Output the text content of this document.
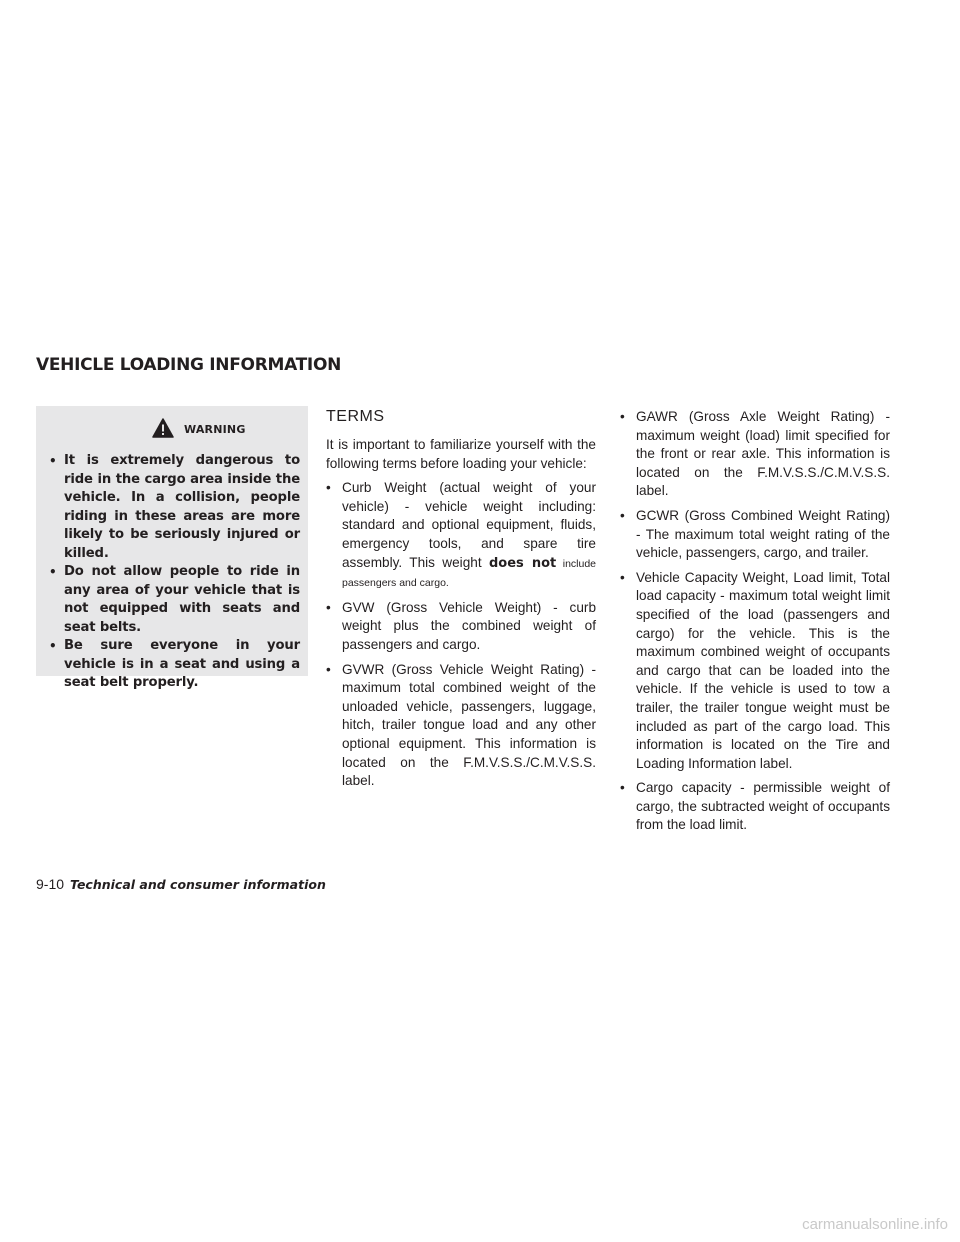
VEHICLE LOADING INFORMATION
WARNING
• It is extremely dangerous to ride in the cargo area inside the vehicle. In a collision, people riding in these areas are more likely to be seriously injured or killed.
• Do not allow people to ride in any area of your vehicle that is not equipped with seats and seat belts.
• Be sure everyone in your vehicle is in a seat and using a seat belt properly.
TERMS

It is important to familiarize yourself with the following terms before loading your vehicle:

• Curb Weight (actual weight of your vehicle) - vehicle weight including: standard and optional equipment, fluids, emergency tools, and spare tire assembly. This weight does not include passengers and cargo.

• GVW (Gross Vehicle Weight) - curb weight plus the combined weight of passengers and cargo.

• GVWR (Gross Vehicle Weight Rating) - maximum total combined weight of the unloaded vehicle, passengers, luggage, hitch, trailer tongue load and any other optional equipment. This information is located on the F.M.V.S.S./C.M.V.S.S. label.

• GAWR (Gross Axle Weight Rating) - maximum weight (load) limit specified for the front or rear axle. This information is located on the F.M.V.S.S./C.M.V.S.S. label.

• GCWR (Gross Combined Weight Rating) - The maximum total weight rating of the vehicle, passengers, cargo, and trailer.

• Vehicle Capacity Weight, Load limit, Total load capacity - maximum total weight limit specified of the load (passengers and cargo) for the vehicle. This is the maximum combined weight of occupants and cargo that can be loaded into the vehicle. If the vehicle is used to tow a trailer, the trailer tongue weight must be included as part of the cargo load. This information is located on the Tire and Loading Information label.

• Cargo capacity - permissible weight of cargo, the subtracted weight of occupants from the load limit.

9-10 Technical and consumer information
carmanualsonline.info
